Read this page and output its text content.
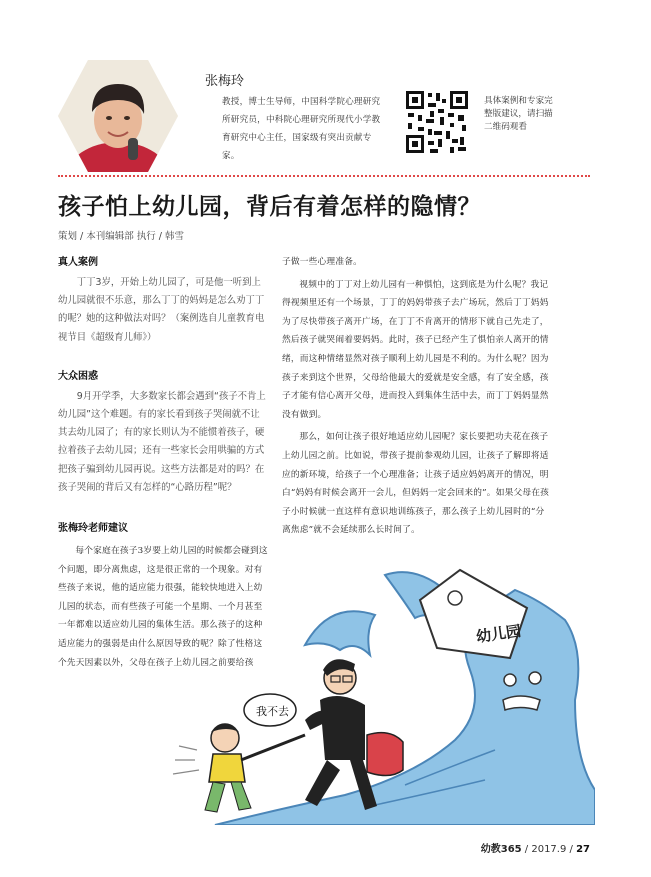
张梅玲
教授，博士生导师，中国科学院心理研究所研究员，中科院心理研究所现代小学教育研究中心主任，国家级有突出贡献专家。
具体案例和专家完整版建议，请扫描二维码观看
孩子怕上幼儿园，背后有着怎样的隐情？
策划 / 本刊编辑部 执行 / 韩雪
真人案例

丁丁3岁，开始上幼儿园了，可是他一听到上幼儿园就很不乐意，那么丁丁的妈妈是怎么劝丁丁的呢？她的这种做法对吗？（案例选自儿童教育电视节目《超级育儿师》）

大众困惑

9月开学季，大多数家长都会遇到“孩子不肯上幼儿园”这个难题。有的家长看到孩子哭闹就不让其去幼儿园了；有的家长则认为不能惯着孩子，硬拉着孩子去幼儿园；还有一些家长会用哄骗的方式把孩子骗到幼儿园再说。这些方法都是对的吗？在孩子哭闹的背后又有怎样的“心路历程”呢？

张梅玲老师建议

每个家庭在孩子3岁要上幼儿园的时候都会碰到这个问题，即分离焦虑，这是很正常的一个现象。对有些孩子来说，他的适应能力很强，能较快地进入上幼儿园的状态，而有些孩子可能一个星期、一个月甚至一年都难以适应幼儿园的集体生活。那么孩子的这种适应能力的强弱是由什么原因导致的呢？除了性格这个先天因素以外，父母在孩子上幼儿园之前要给孩

子做一些心理准备。

视频中的丁丁对上幼儿园有一种惧怕，这到底是为什么呢？我记得视频里还有一个场景，丁丁的妈妈带孩子去广场玩，然后丁丁妈妈为了尽快带孩子离开广场，在丁丁不肯离开的情形下就自己先走了，然后孩子就哭闹着要妈妈。此时，孩子已经产生了惧怕亲人离开的情绪，而这种情绪显然对孩子顺利上幼儿园是不利的。为什么呢？因为孩子来到这个世界，父母给他最大的爱就是安全感，有了安全感，孩子才能有信心离开父母，进而投入到集体生活中去，而丁丁妈妈显然没有做到。

那么，如何让孩子很好地适应幼儿园呢？家长要把功夫花在孩子上幼儿园之前。比如说，带孩子提前参观幼儿园，让孩子了解即将适应的新环境，给孩子一个心理准备；让孩子适应妈妈离开的情况，明白“妈妈有时候会离开一会儿，但妈妈一定会回来的”。如果父母在孩子小时候就一直这样有意识地训练孩子，那么孩子上幼儿园时的“分离焦虑”就不会延续那么长时间了。

幼儿园
我不去
幼教365 / 2017.9 / 27
